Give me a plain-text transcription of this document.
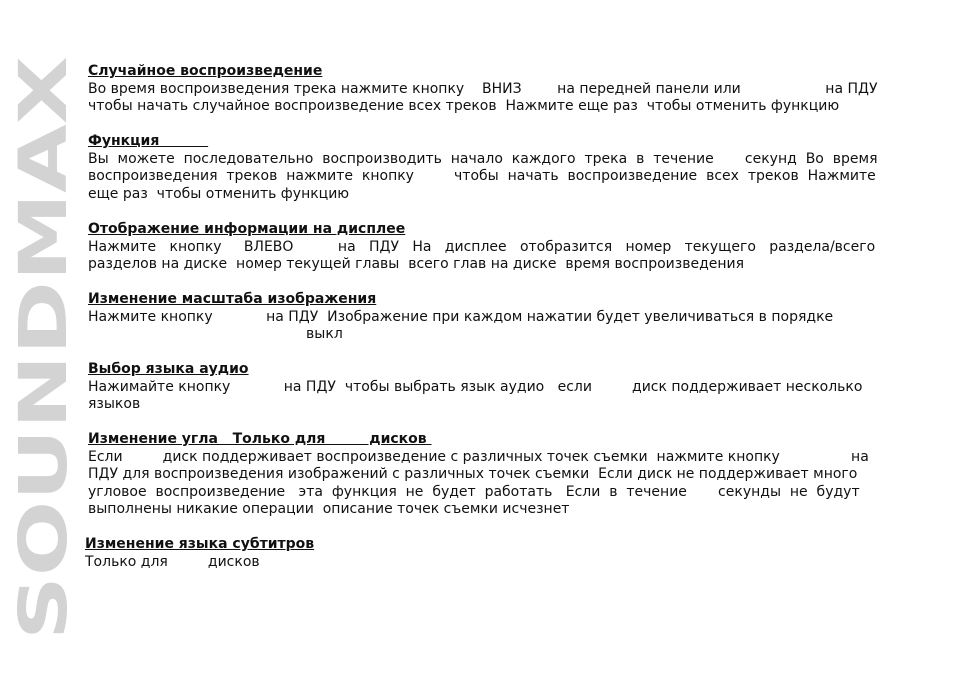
SOUNDMAX
Случайное воспроизведение
Во время воспроизведения трека нажмите кнопку    ВНИЗ        на передней панели или                   на ПДУ
чтобы начать случайное воспроизведение всех треков  Нажмите еще раз  чтобы отменить функцию
Функция
Вы  можете  последовательно  воспроизводить  начало  каждого  трека  в  течение       секунд  Во  время
воспроизведения  треков  нажмите  кнопку         чтобы  начать  воспроизведение  всех  треков  Нажмите
еще раз  чтобы отменить функцию
Отображение информации на дисплее
Нажмите   кнопку     ВЛЕВО          на   ПДУ   На   дисплее   отобразится   номер   текущего   раздела/всего
разделов на диске  номер текущей главы  всего глав на диске  время воспроизведения
Изменение масштаба изображения
Нажмите кнопку            на ПДУ  Изображение при каждом нажатии будет увеличиваться в порядке
выкл
Выбор языка аудио
Нажимайте кнопку            на ПДУ  чтобы выбрать язык аудио   если         диск поддерживает несколько
языков
Изменение угла   Только для         дисков
Если         диск поддерживает воспроизведение с различных точек съемки  нажмите кнопку                на
ПДУ для воспроизведения изображений с различных точек съемки  Если диск не поддерживает много
угловое  воспроизведение   эта  функция  не  будет  работать   Если  в  течение       секунды  не  будут
выполнены никакие операции  описание точек съемки исчезнет
Изменение языка субтитров
Только для         дисков
